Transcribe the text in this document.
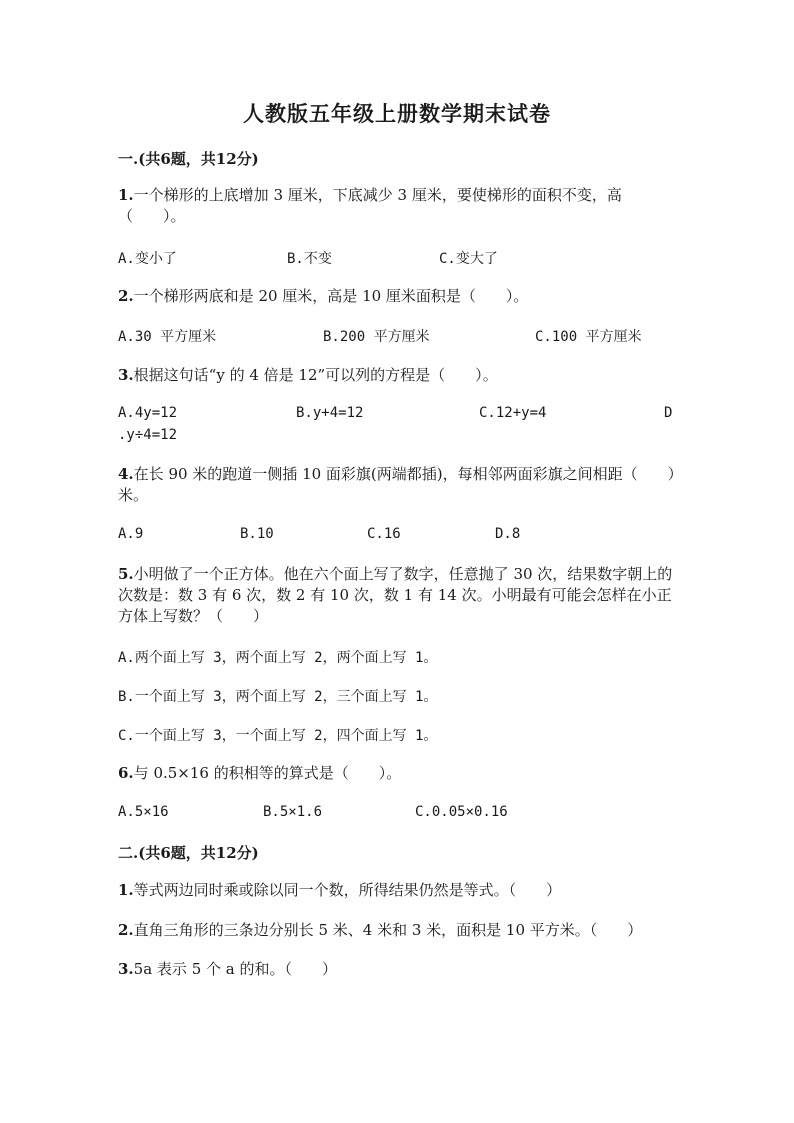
人教版五年级上册数学期末试卷
一.(共6题，共12分)
1.一个梯形的上底增加 3 厘米，下底减少 3 厘米，要使梯形的面积不变，高（　　）。
A.变小了	B.不变	C.变大了
2.一个梯形两底和是 20 厘米，高是 10 厘米面积是（　　）。
A.30 平方厘米	B.200 平方厘米	C.100 平方厘米
3.根据这句话“y 的 4 倍是 12”可以列的方程是（　　）。
A.4y=12	B.y+4=12	C.12+y=4	D
.y÷4=12
4.在长 90 米的跑道一侧插 10 面彩旗(两端都插)，每相邻两面彩旗之间相距（　　）米。
A.9	B.10	C.16	D.8
5.小明做了一个正方体。他在六个面上写了数字，任意抛了 30 次，结果数字朝上的次数是：数 3 有 6 次，数 2 有 10 次，数 1 有 14 次。小明最有可能会怎样在小正方体上写数？（　　）
A.两个面上写 3，两个面上写 2，两个面上写 1。
B.一个面上写 3，两个面上写 2，三个面上写 1。
C.一个面上写 3，一个面上写 2，四个面上写 1。
6.与 0.5×16 的积相等的算式是（　　）。
A.5×16	B.5×1.6	C.0.05×0.16
二.(共6题，共12分)
1.等式两边同时乘或除以同一个数，所得结果仍然是等式。（　　）
2.直角三角形的三条边分别长 5 米、4 米和 3 米，面积是 10 平方米。（　　）
3.5a 表示 5 个 a 的和。（　　）
